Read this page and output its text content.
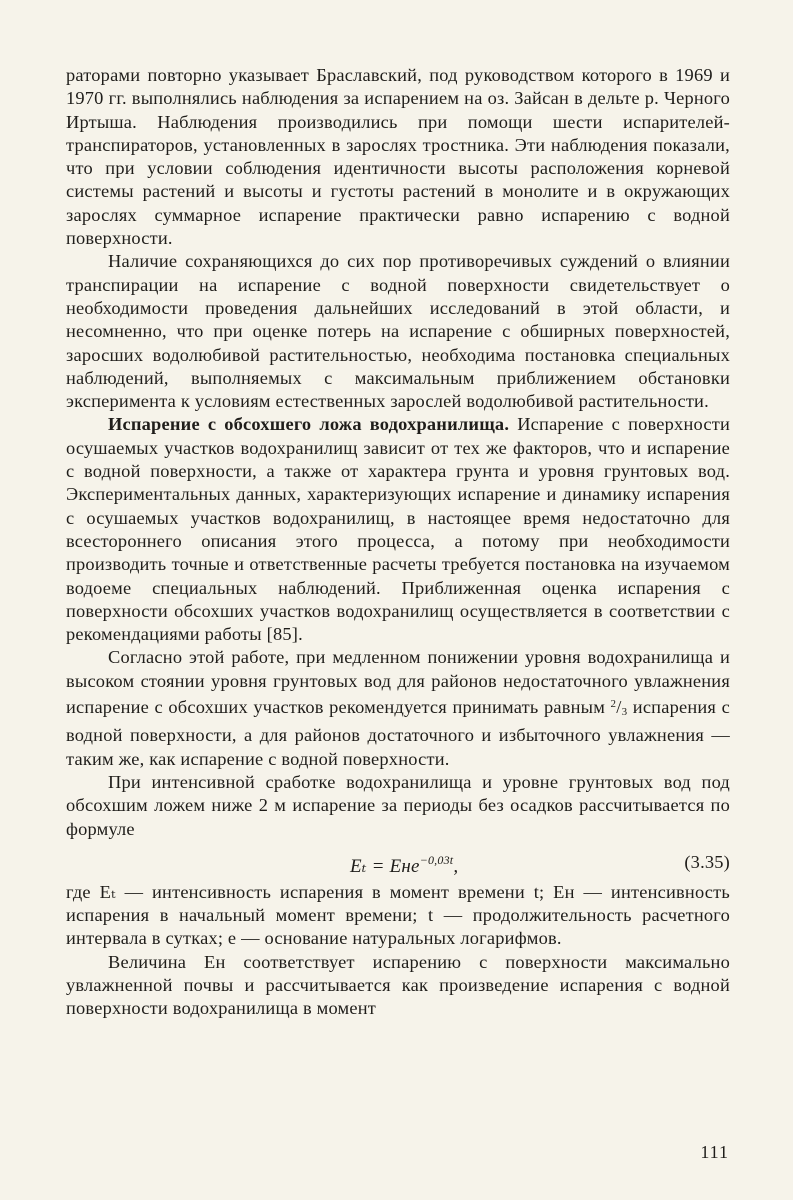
раторами повторно указывает Браславский, под руководством которого в 1969 и 1970 гг. выполнялись наблюдения за испарением на оз. Зайсан в дельте р. Черного Иртыша. Наблюдения производились при помощи шести испарителей-транспираторов, установленных в зарослях тростника. Эти наблюдения показали, что при условии соблюдения идентичности высоты расположения корневой системы растений и высоты и густоты растений в монолите и в окружающих зарослях суммарное испарение практически равно испарению с водной поверхности.

Наличие сохраняющихся до сих пор противоречивых суждений о влиянии транспирации на испарение с водной поверхности свидетельствует о необходимости проведения дальнейших исследований в этой области, и несомненно, что при оценке потерь на испарение с обширных поверхностей, заросших водолюбивой растительностью, необходима постановка специальных наблюдений, выполняемых с максимальным приближением обстановки эксперимента к условиям естественных зарослей водолюбивой растительности.

Испарение с обсохшего ложа водохранилища. Испарение с поверхности осушаемых участков водохранилищ зависит от тех же факторов, что и испарение с водной поверхности, а также от характера грунта и уровня грунтовых вод. Экспериментальных данных, характеризующих испарение и динамику испарения с осушаемых участков водохранилищ, в настоящее время недостаточно для всестороннего описания этого процесса, а потому при необходимости производить точные и ответственные расчеты требуется постановка на изучаемом водоеме специальных наблюдений. Приближенная оценка испарения с поверхности обсохших участков водохранилищ осуществляется в соответствии с рекомендациями работы [85].

Согласно этой работе, при медленном понижении уровня водохранилища и высоком стоянии уровня грунтовых вод для районов недостаточного увлажнения испарение с обсохших участков рекомендуется принимать равным $^2/_3$ испарения с водной поверхности, а для районов достаточного и избыточного увлажнения — таким же, как испарение с водной поверхности.

При интенсивной сработке водохранилища и уровне грунтовых вод под обсохшим ложем ниже 2 м испарение за периоды без осадков рассчитывается по формуле

Eₜ = Eнe$^{-0,03t}$,	(3.35)

где Eₜ — интенсивность испарения в момент времени t; Eн — интенсивность испарения в начальный момент времени; t — продолжительность расчетного интервала в сутках; e — основание натуральных логарифмов.

Величина Eн соответствует испарению с поверхности максимально увлажненной почвы и рассчитывается как произведение испарения с водной поверхности водохранилища в момент

111
